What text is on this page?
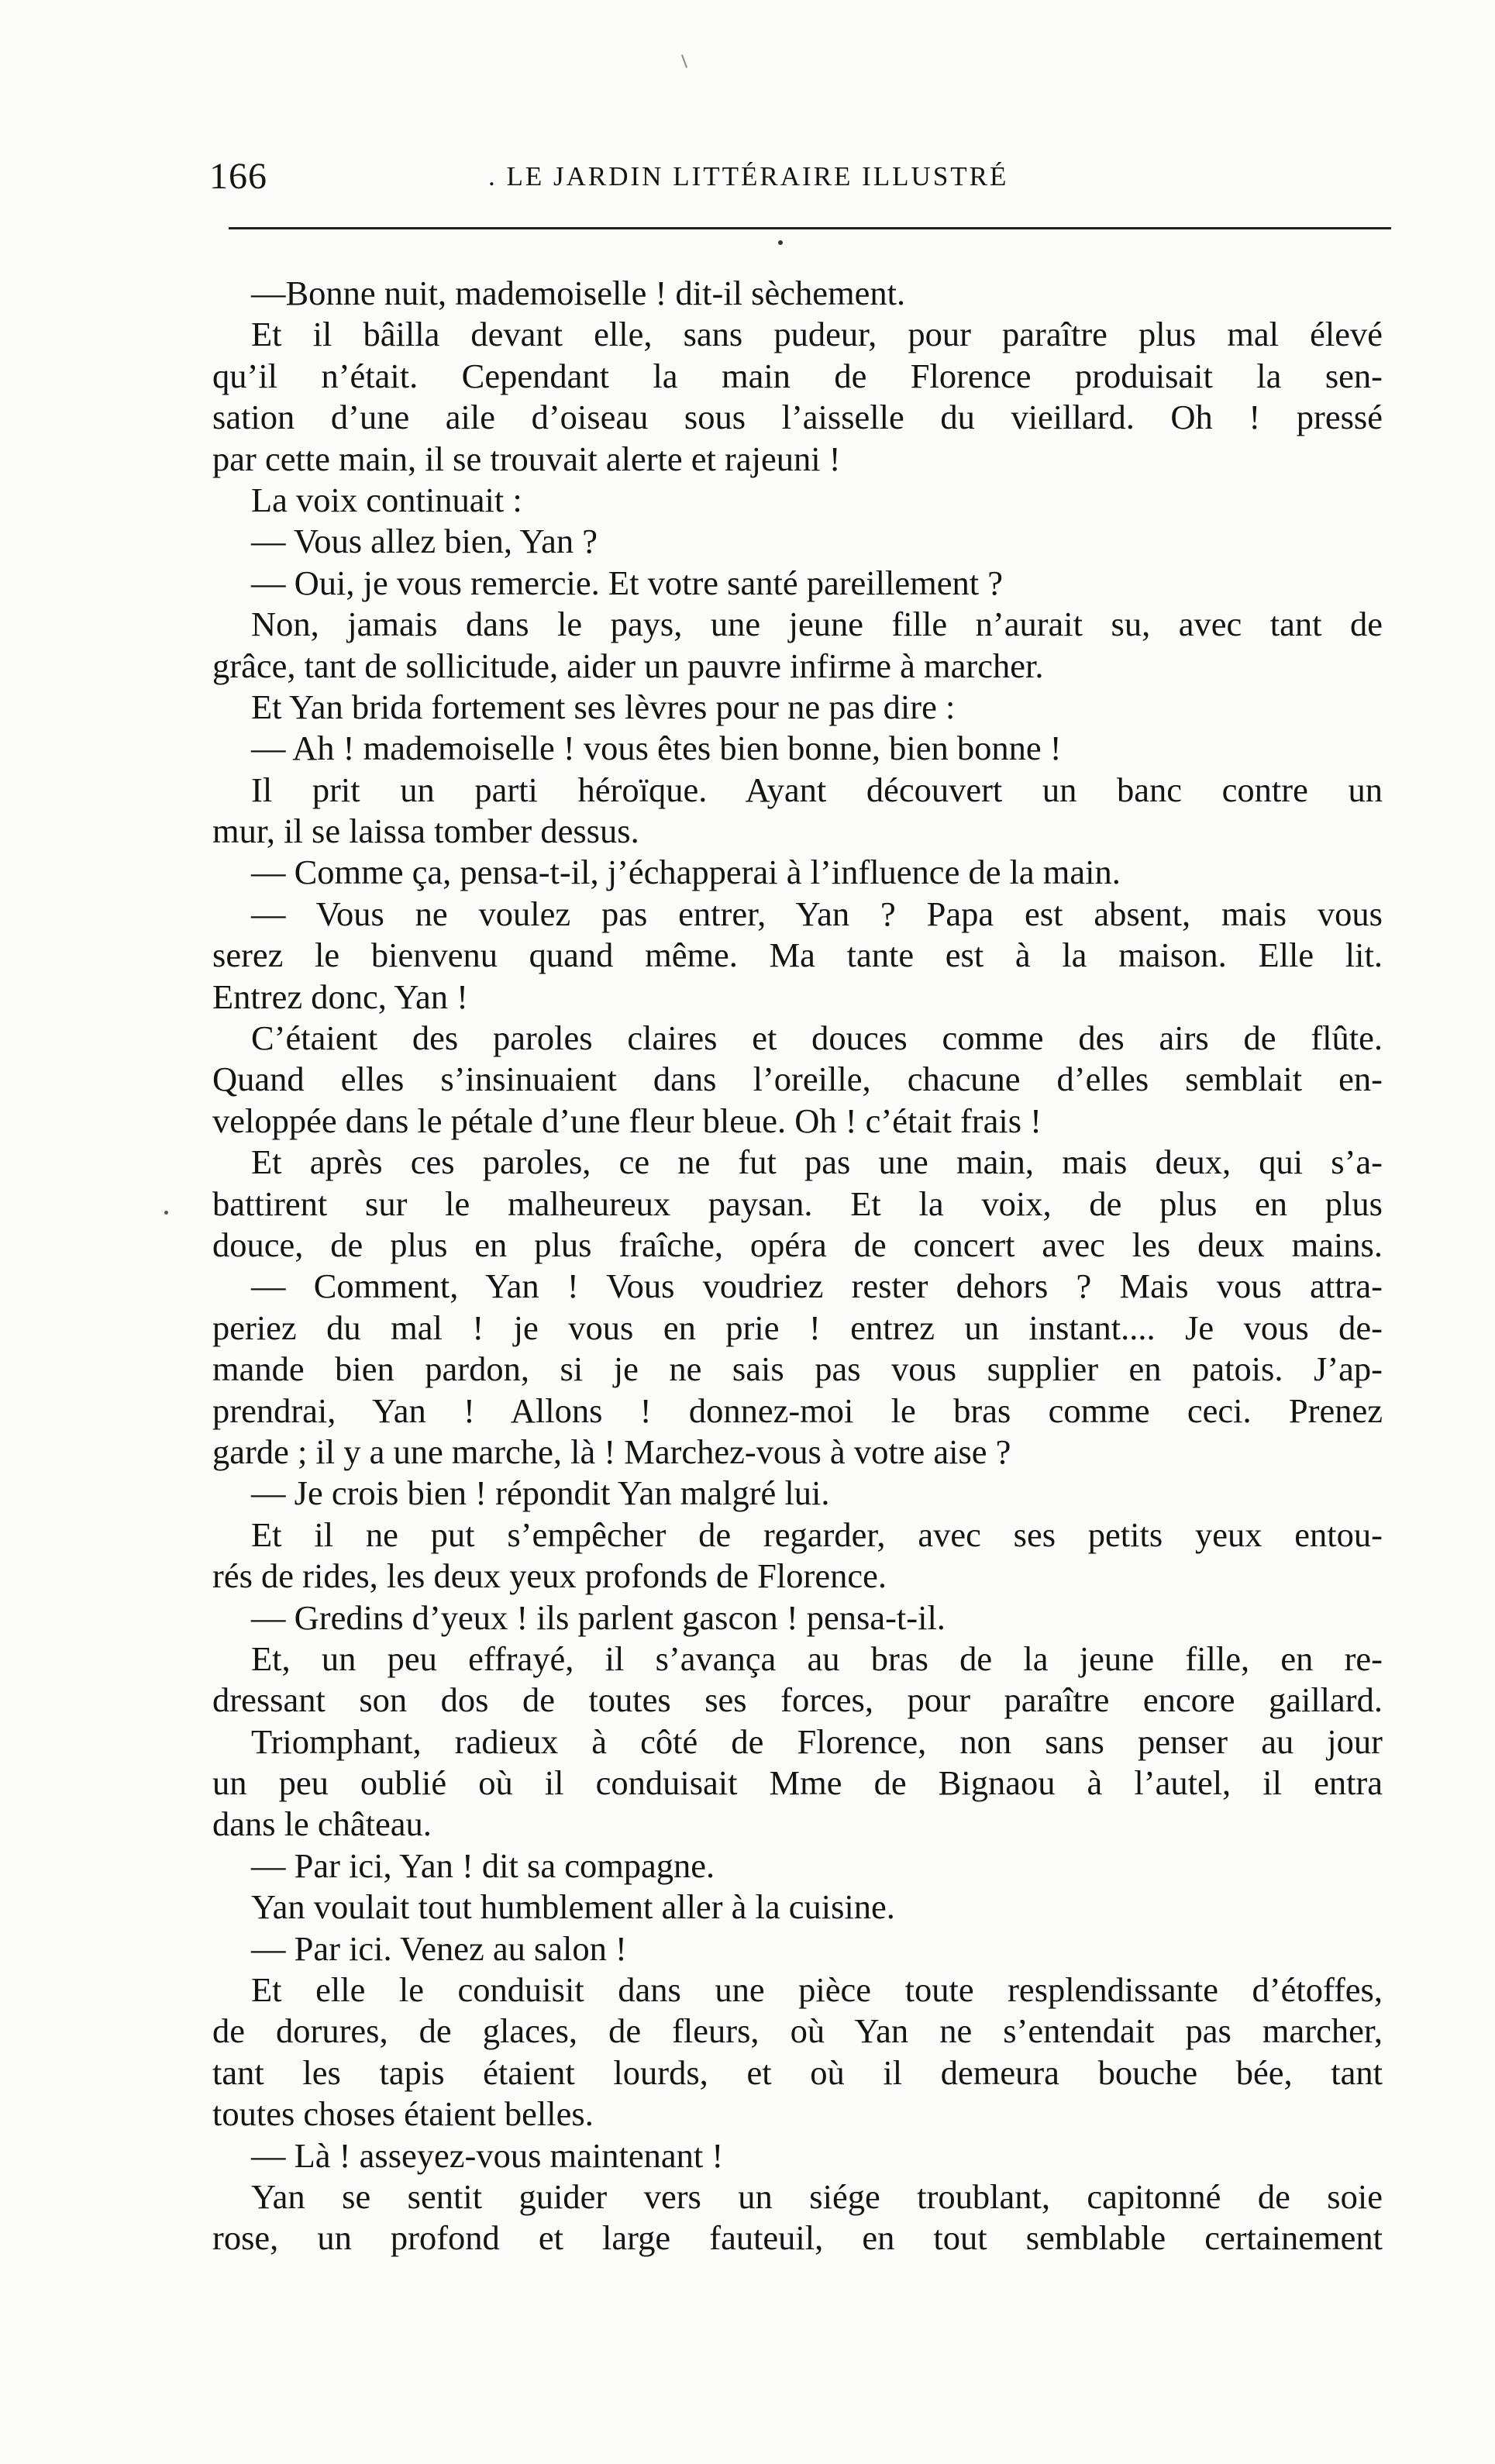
166	. LE JARDIN LITTÉRAIRE ILLUSTRÉ
—Bonne nuit, mademoiselle ! dit-il sèchement.
Et il bâilla devant elle, sans pudeur, pour paraître plus mal élevé
qu’il n’était. Cependant la main de Florence produisait la sen-
sation d’une aile d’oiseau sous l’aisselle du vieillard. Oh ! pressé
par cette main, il se trouvait alerte et rajeuni !
La voix continuait :
— Vous allez bien, Yan ?
— Oui, je vous remercie. Et votre santé pareillement ?
Non, jamais dans le pays, une jeune fille n’aurait su, avec tant de
grâce, tant de sollicitude, aider un pauvre infirme à marcher.
Et Yan brida fortement ses lèvres pour ne pas dire :
— Ah ! mademoiselle ! vous êtes bien bonne, bien bonne !
Il prit un parti héroïque. Ayant découvert un banc contre un
mur, il se laissa tomber dessus.
— Comme ça, pensa-t-il, j’échapperai à l’influence de la main.
— Vous ne voulez pas entrer, Yan ? Papa est absent, mais vous
serez le bienvenu quand même. Ma tante est à la maison. Elle lit.
Entrez donc, Yan !
C’étaient des paroles claires et douces comme des airs de flûte.
Quand elles s’insinuaient dans l’oreille, chacune d’elles semblait en-
veloppée dans le pétale d’une fleur bleue. Oh ! c’était frais !
Et après ces paroles, ce ne fut pas une main, mais deux, qui s’a-
battirent sur le malheureux paysan. Et la voix, de plus en plus
douce, de plus en plus fraîche, opéra de concert avec les deux mains.
— Comment, Yan ! Vous voudriez rester dehors ? Mais vous attra-
periez du mal ! je vous en prie ! entrez un instant.... Je vous de-
mande bien pardon, si je ne sais pas vous supplier en patois. J’ap-
prendrai, Yan ! Allons ! donnez-moi le bras comme ceci. Prenez
garde ; il y a une marche, là ! Marchez-vous à votre aise ?
— Je crois bien ! répondit Yan malgré lui.
Et il ne put s’empêcher de regarder, avec ses petits yeux entou-
rés de rides, les deux yeux profonds de Florence.
— Gredins d’yeux ! ils parlent gascon ! pensa-t-il.
Et, un peu effrayé, il s’avança au bras de la jeune fille, en re-
dressant son dos de toutes ses forces, pour paraître encore gaillard.
Triomphant, radieux à côté de Florence, non sans penser au jour
un peu oublié où il conduisait Mme de Bignaou à l’autel, il entra
dans le château.
— Par ici, Yan ! dit sa compagne.
Yan voulait tout humblement aller à la cuisine.
— Par ici. Venez au salon !
Et elle le conduisit dans une pièce toute resplendissante d’étoffes,
de dorures, de glaces, de fleurs, où Yan ne s’entendait pas marcher,
tant les tapis étaient lourds, et où il demeura bouche bée, tant
toutes choses étaient belles.
— Là ! asseyez-vous maintenant !
Yan se sentit guider vers un siége troublant, capitonné de soie
rose, un profond et large fauteuil, en tout semblable certainement
